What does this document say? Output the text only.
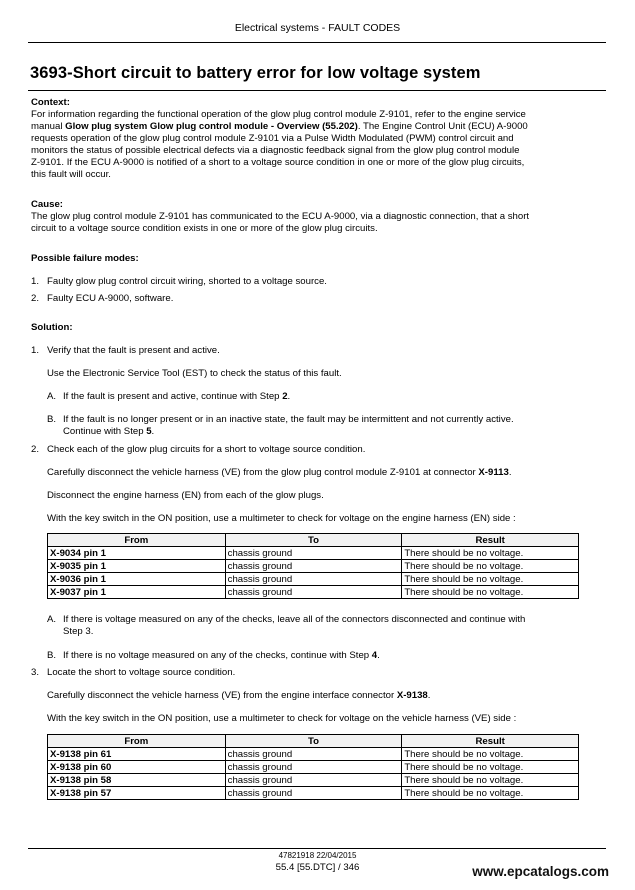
Electrical systems - FAULT CODES
3693-Short circuit to battery error for low voltage system
Context:
For information regarding the functional operation of the glow plug control module Z-9101, refer to the engine service
manual Glow plug system Glow plug control module - Overview (55.202). The Engine Control Unit (ECU) A-9000
requests operation of the glow plug control module Z-9101 via a Pulse Width Modulated (PWM) control circuit and
monitors the status of possible electrical defects via a diagnostic feedback signal from the glow plug control module
Z-9101. If the ECU A-9000 is notified of a short to a voltage source condition in one or more of the glow plug circuits,
this fault will occur.
Cause:
The glow plug control module Z-9101 has communicated to the ECU A-9000, via a diagnostic connection, that a short
circuit to a voltage source condition exists in one or more of the glow plug circuits.
Possible failure modes:
1. Faulty glow plug control circuit wiring, shorted to a voltage source.
2. Faulty ECU A-9000, software.
Solution:
1. Verify that the fault is present and active.
Use the Electronic Service Tool (EST) to check the status of this fault.
A. If the fault is present and active, continue with Step 2.
B. If the fault is no longer present or in an inactive state, the fault may be intermittent and not currently active.
Continue with Step 5.
2. Check each of the glow plug circuits for a short to voltage source condition.
Carefully disconnect the vehicle harness (VE) from the glow plug control module Z-9101 at connector X-9113.
Disconnect the engine harness (EN) from each of the glow plugs.
With the key switch in the ON position, use a multimeter to check for voltage on the engine harness (EN) side :
From	To	Result
X-9034 pin 1	chassis ground	There should be no voltage.
X-9035 pin 1	chassis ground	There should be no voltage.
X-9036 pin 1	chassis ground	There should be no voltage.
X-9037 pin 1	chassis ground	There should be no voltage.
A. If there is voltage measured on any of the checks, leave all of the connectors disconnected and continue with
Step 3.
B. If there is no voltage measured on any of the checks, continue with Step 4.
3. Locate the short to voltage source condition.
Carefully disconnect the vehicle harness (VE) from the engine interface connector X-9138.
With the key switch in the ON position, use a multimeter to check for voltage on the vehicle harness (VE) side :
From	To	Result
X-9138 pin 61	chassis ground	There should be no voltage.
X-9138 pin 60	chassis ground	There should be no voltage.
X-9138 pin 58	chassis ground	There should be no voltage.
X-9138 pin 57	chassis ground	There should be no voltage.
47821918 22/04/2015
55.4 [55.DTC] / 346	www.epcatalogs.com
